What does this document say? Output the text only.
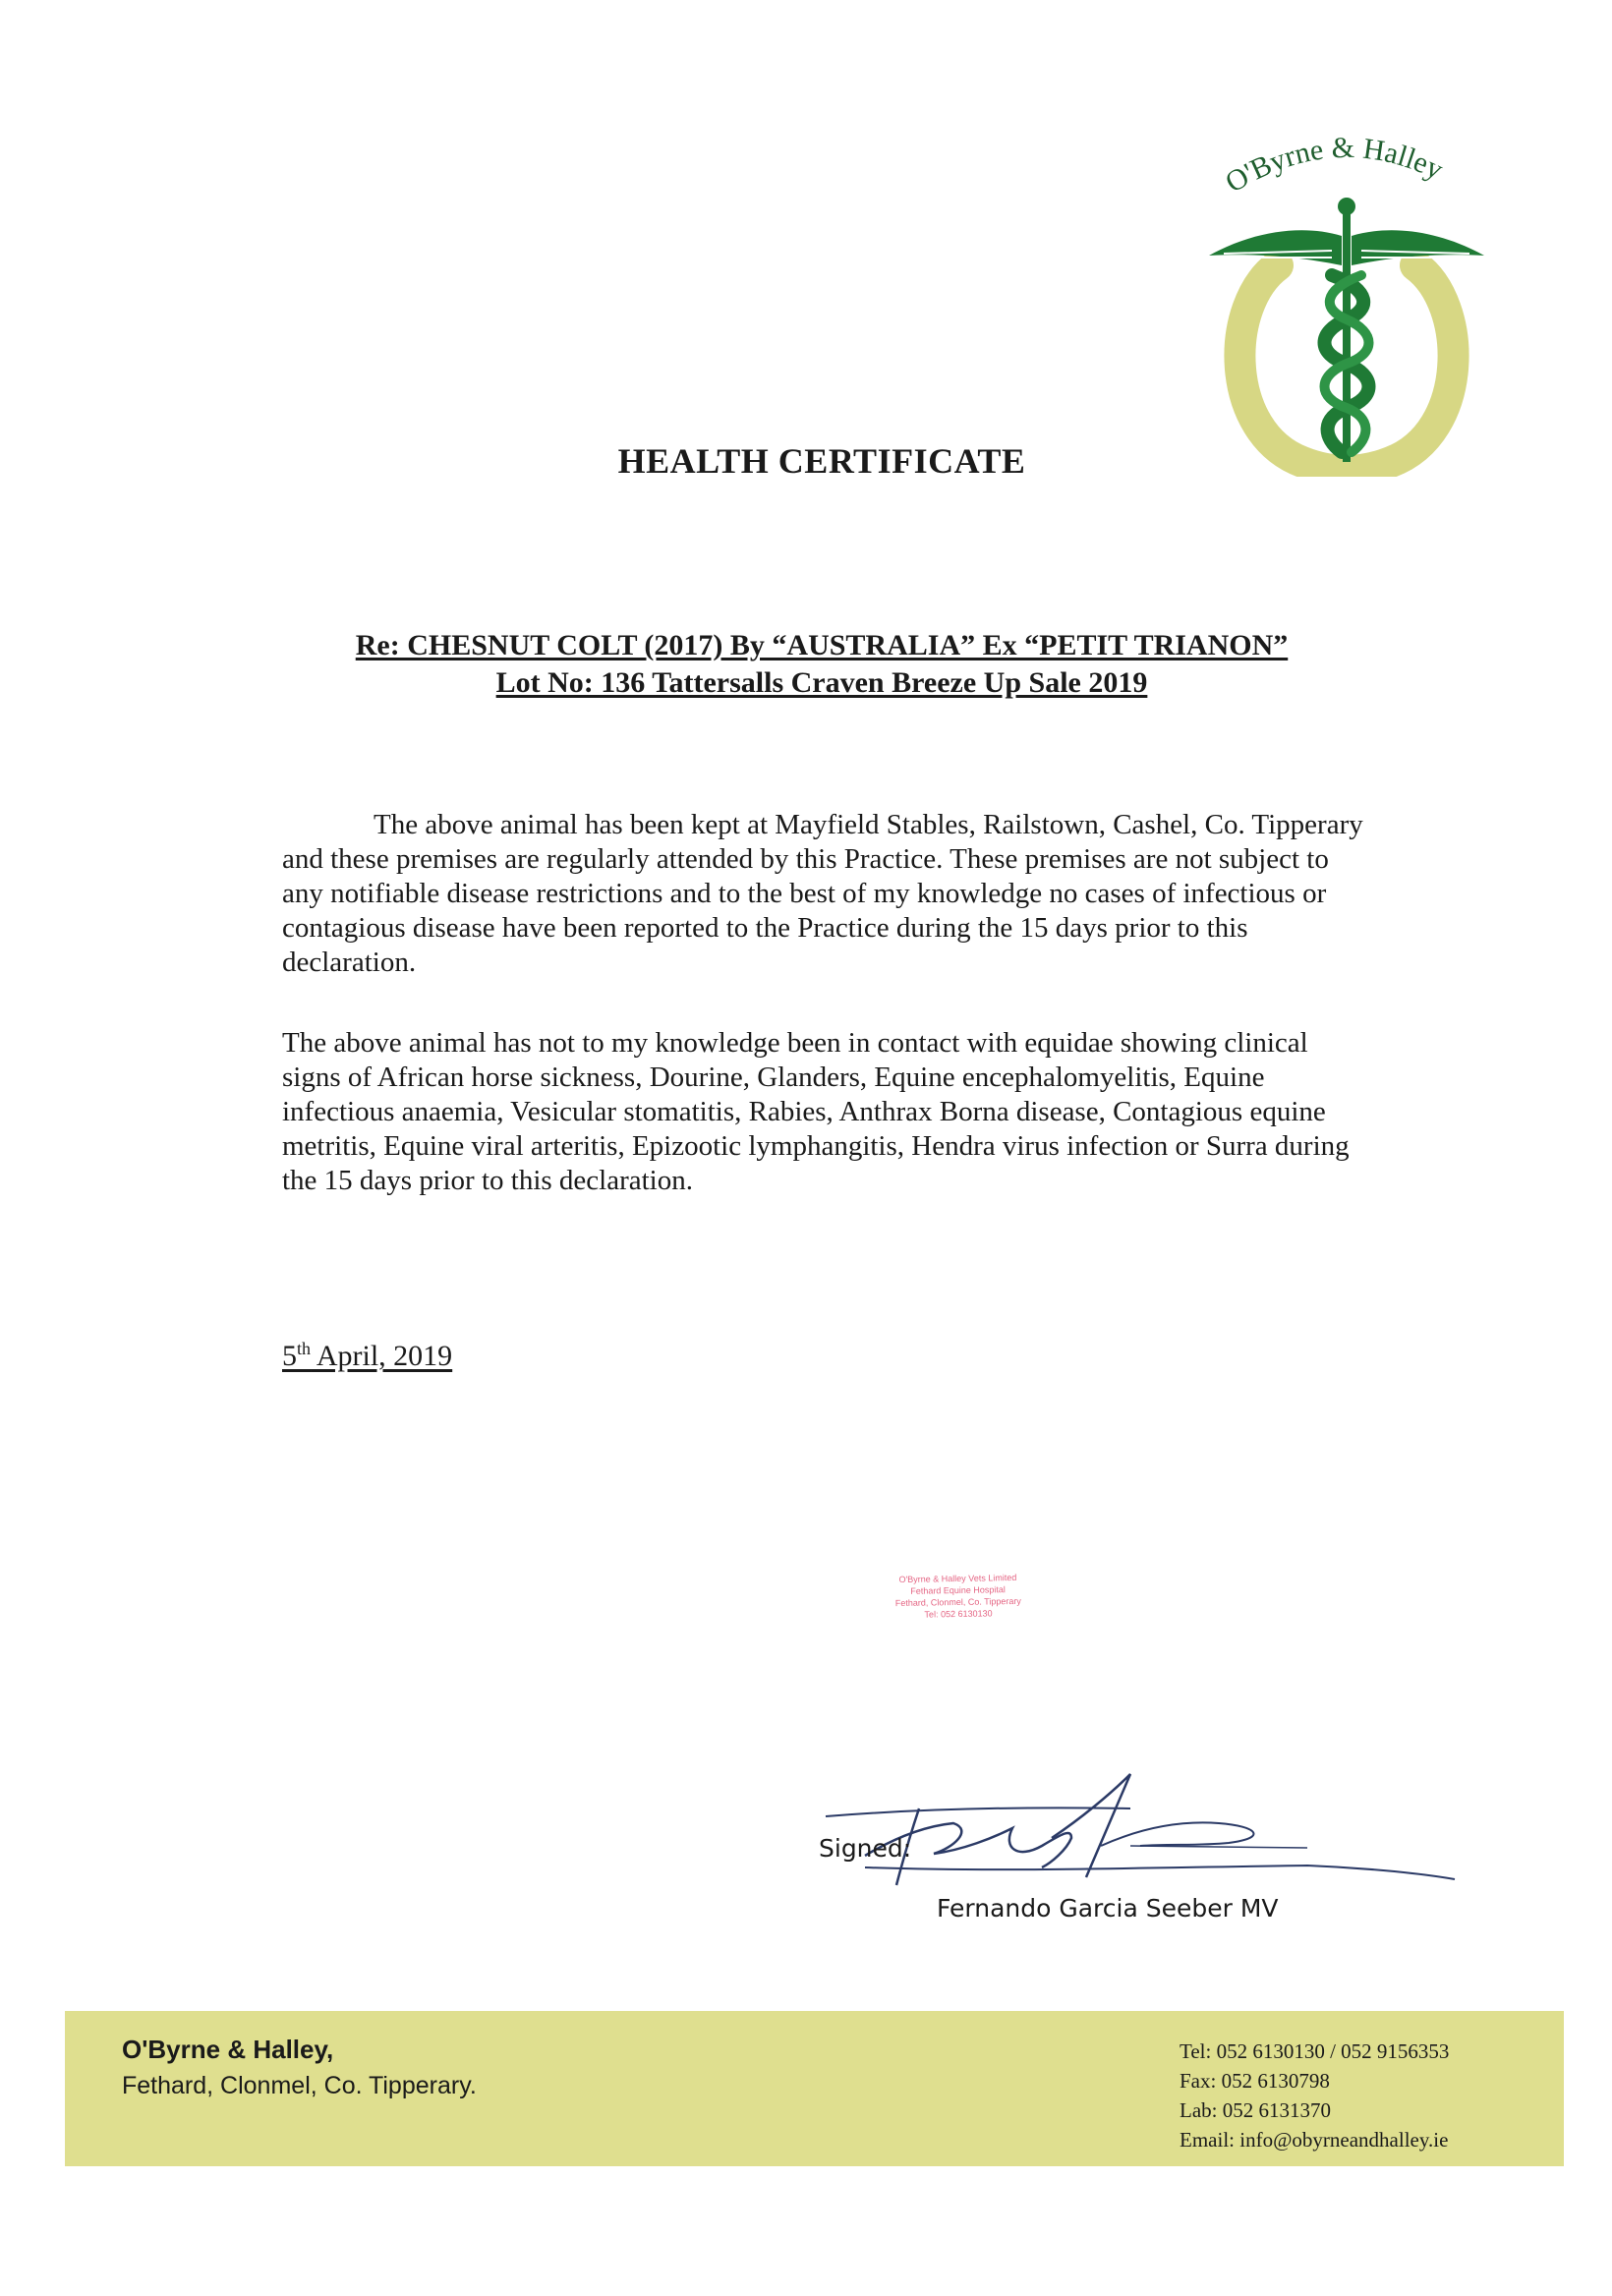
O'Byrne & Halley
HEALTH CERTIFICATE
Re: CHESNUT COLT (2017) By “AUSTRALIA” Ex “PETIT TRIANON”
Lot No: 136 Tattersalls Craven Breeze Up Sale 2019
The above animal has been kept at Mayfield Stables, Railstown, Cashel, Co. Tipperary and these premises are regularly attended by this Practice. These premises are not subject to any notifiable disease restrictions and to the best of my knowledge no cases of infectious or contagious disease have been reported to the Practice during the 15 days prior to this declaration.
The above animal has not to my knowledge been in contact with equidae showing clinical signs of African horse sickness, Dourine, Glanders, Equine encephalomyelitis, Equine infectious anaemia, Vesicular stomatitis, Rabies, Anthrax Borna disease, Contagious equine metritis, Equine viral arteritis, Epizootic lymphangitis, Hendra virus infection or Surra during the 15 days prior to this declaration.
5th April, 2019
O'Byrne & Halley Vets Limited
Fethard Equine Hospital
Fethard, Clonmel, Co. Tipperary
Tel: 052 6130130
Signed:
Fernando Garcia Seeber MV
O'Byrne & Halley,
Fethard, Clonmel, Co. Tipperary.
Tel: 052 6130130 / 052 9156353
Fax: 052 6130798
Lab: 052 6131370
Email: info@obyrneandhalley.ie
